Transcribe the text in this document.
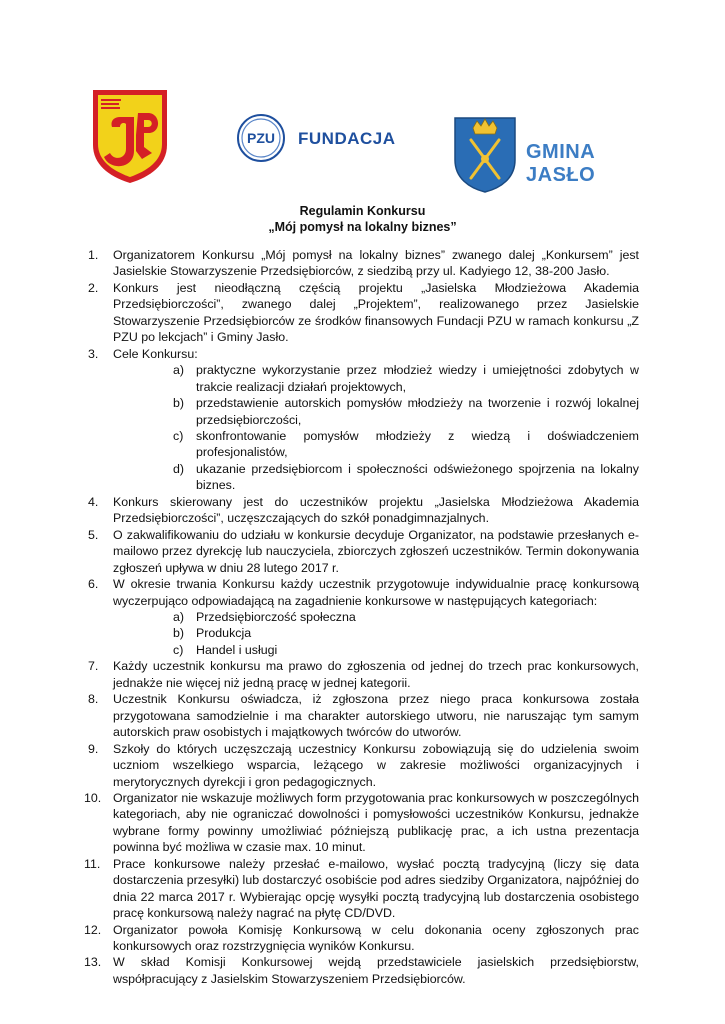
PZU FUNDACJA
GMINA JASŁO
Regulamin Konkursu
„Mój pomysł na lokalny biznes”
1.	Organizatorem Konkursu „Mój pomysł na lokalny biznes” zwanego dalej „Konkursem” jest Jasielskie Stowarzyszenie Przedsiębiorców, z siedzibą przy ul. Kadyiego 12, 38-200 Jasło.
2.	Konkurs jest nieodłączną częścią projektu „Jasielska Młodzieżowa Akademia Przedsiębiorczości”, zwanego dalej „Projektem”, realizowanego przez Jasielskie Stowarzyszenie Przedsiębiorców ze środków finansowych Fundacji PZU w ramach konkursu „Z PZU po lekcjach” i Gminy Jasło.
3.	Cele Konkursu:
a) praktyczne wykorzystanie przez młodzież wiedzy i umiejętności zdobytych w trakcie realizacji działań projektowych,
b) przedstawienie autorskich pomysłów młodzieży na tworzenie i rozwój lokalnej przedsiębiorczości,
c) skonfrontowanie pomysłów młodzieży z wiedzą i doświadczeniem profesjonalistów,
d) ukazanie przedsiębiorcom i społeczności odświeżonego spojrzenia na lokalny biznes.
4.	Konkurs skierowany jest do uczestników projektu „Jasielska Młodzieżowa Akademia Przedsiębiorczości”, uczęszczających do szkół ponadgimnazjalnych.
5.	O zakwalifikowaniu do udziału w konkursie decyduje Organizator, na podstawie przesłanych e-mailowo przez dyrekcję lub nauczyciela, zbiorczych zgłoszeń uczestników. Termin dokonywania zgłoszeń upływa w dniu 28 lutego 2017 r.
6.	W okresie trwania Konkursu każdy uczestnik przygotowuje indywidualnie pracę konkursową wyczerpująco odpowiadającą na zagadnienie konkursowe w następujących kategoriach:
a) Przedsiębiorczość społeczna
b) Produkcja
c) Handel i usługi
7.	Każdy uczestnik konkursu ma prawo do zgłoszenia od jednej do trzech prac konkursowych, jednakże nie więcej niż jedną pracę w jednej kategorii.
8.	Uczestnik Konkursu oświadcza, iż zgłoszona przez niego praca konkursowa została przygotowana samodzielnie i ma charakter autorskiego utworu, nie naruszając tym samym autorskich praw osobistych i majątkowych twórców do utworów.
9.	Szkoły do których uczęszczają uczestnicy Konkursu zobowiązują się do udzielenia swoim uczniom wszelkiego wsparcia, leżącego w zakresie możliwości organizacyjnych i merytorycznych dyrekcji i gron pedagogicznych.
10. Organizator nie wskazuje możliwych form przygotowania prac konkursowych w poszczególnych kategoriach, aby nie ograniczać dowolności i pomysłowości uczestników Konkursu, jednakże wybrane formy powinny umożliwiać późniejszą publikację prac, a ich ustna prezentacja powinna być możliwa w czasie max. 10 minut.
11.	Prace konkursowe należy przesłać e-mailowo, wysłać pocztą tradycyjną (liczy się data dostarczenia przesyłki) lub dostarczyć osobiście pod adres siedziby Organizatora, najpóźniej do dnia 22 marca 2017 r. Wybierając opcję wysyłki pocztą tradycyjną lub dostarczenia osobistego pracę konkursową należy nagrać na płytę CD/DVD.
12. Organizator powoła Komisję Konkursową w celu dokonania oceny zgłoszonych prac konkursowych oraz rozstrzygnięcia wyników Konkursu.
13. W skład Komisji Konkursowej wejdą przedstawiciele jasielskich przedsiębiorstw, współpracujący z Jasielskim Stowarzyszeniem Przedsiębiorców.
